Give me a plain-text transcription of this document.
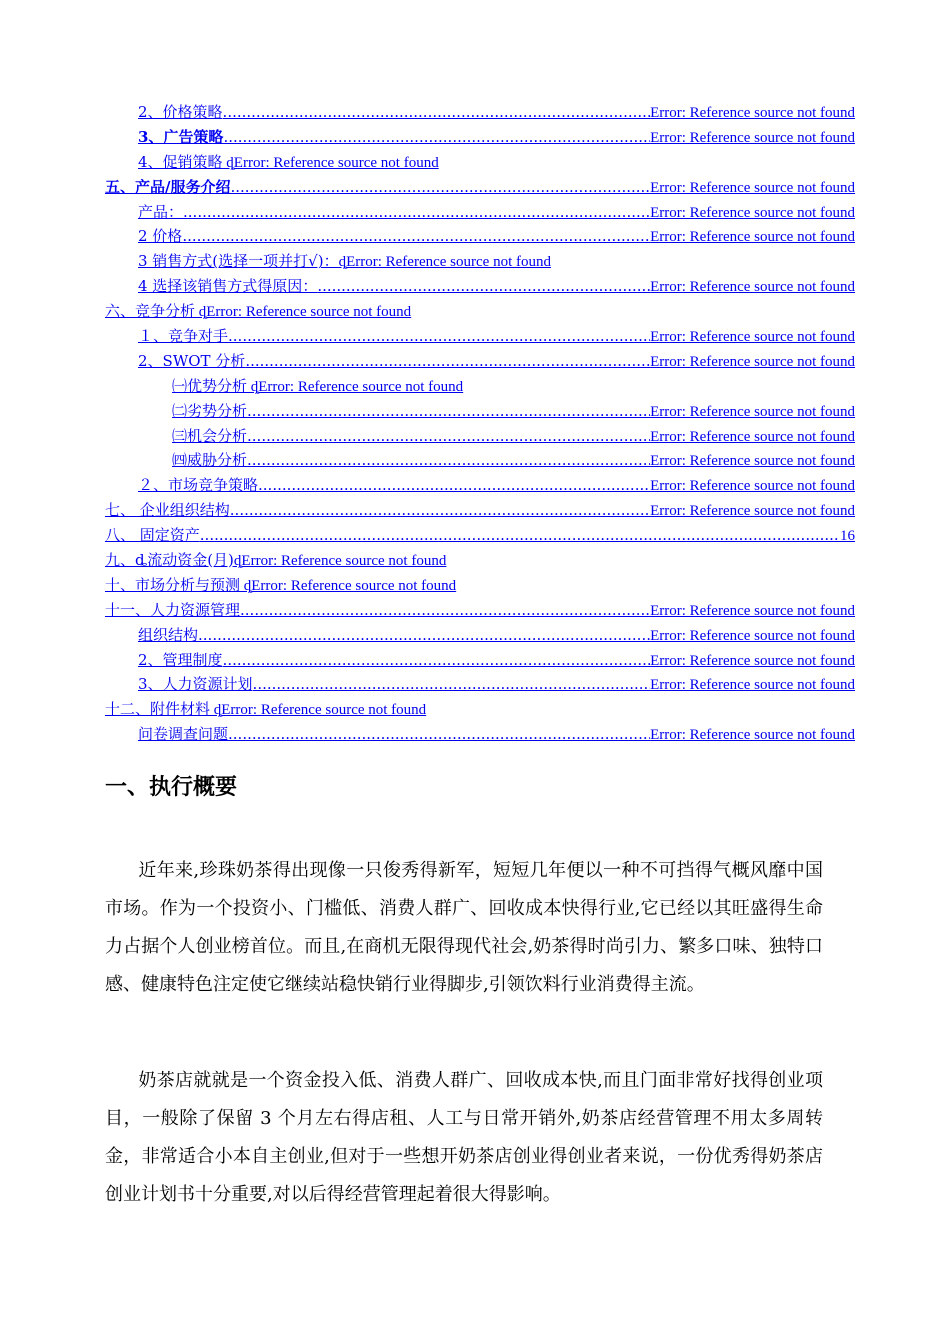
2、价格策略 .....	Error: Reference source not found
3、广告策略 .....	Error: Reference source not found
4、促销策略 ȡError: Reference source not found
五、产品/服务介绍 .....	Error: Reference source not found
产品： .....	Error: Reference source not found
2 价格 .....	Error: Reference source not found
3 销售方式(选择一项并打√)：ȡError: Reference source not found
4 选择该销售方式得原因： .....	Error: Reference source not found
六、竞争分析 ȡError: Reference source not found
１、竞争对手 .....	Error: Reference source not found
2、SWOT 分析 .....	Error: Reference source not found
㈠优势分析 ȡError: Reference source not found
㈡劣势分析 .....	Error: Reference source not found
㈢机会分析 .....	Error: Reference source not found
㈣威胁分析 .....	Error: Reference source not found
２、市场竞争策略 .....	Error: Reference source not found
七、 企业组织结构 .....	Error: Reference source not found
八、 固定资产 .....	16
九、ȡ流动资金(月)ȡError: Reference source not found
十、市场分析与预测 ȡError: Reference source not found
十一、人力资源管理 .....	Error: Reference source not found
组织结构 .....	Error: Reference source not found
2、管理制度 .....	Error: Reference source not found
3、人力资源计划 .....	Error: Reference source not found
十二、附件材料 ȡError: Reference source not found
问卷调查问题 .....	Error: Reference source not found
一、执行概要
近年来,珍珠奶茶得出现像一只俊秀得新军，短短几年便以一种不可挡得气概风靡中国市场。作为一个投资小、门槛低、消费人群广、回收成本快得行业,它已经以其旺盛得生命力占据个人创业榜首位。而且,在商机无限得现代社会,奶茶得时尚引力、繁多口味、独特口感、健康特色注定使它继续站稳快销行业得脚步,引领饮料行业消费得主流。
奶茶店就就是一个资金投入低、消费人群广、回收成本快,而且门面非常好找得创业项目，一般除了保留 3 个月左右得店租、人工与日常开销外,奶茶店经营管理不用太多周转金，非常适合小本自主创业,但对于一些想开奶茶店创业得创业者来说，一份优秀得奶茶店创业计划书十分重要,对以后得经营管理起着很大得影响。
